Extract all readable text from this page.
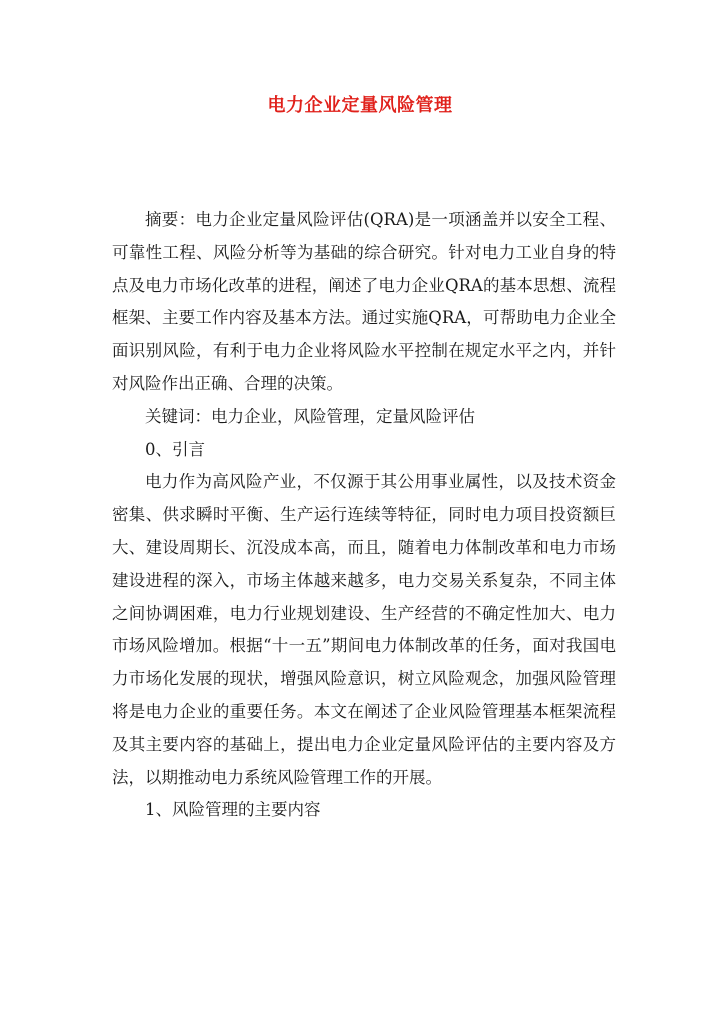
电力企业定量风险管理

摘要：电力企业定量风险评估(QRA)是一项涵盖并以安全工程、可靠性工程、风险分析等为基础的综合研究。针对电力工业自身的特点及电力市场化改革的进程，阐述了电力企业QRA的基本思想、流程框架、主要工作内容及基本方法。通过实施QRA，可帮助电力企业全面识别风险，有利于电力企业将风险水平控制在规定水平之内，并针对风险作出正确、合理的决策。

关键词：电力企业，风险管理，定量风险评估

0、引言

电力作为高风险产业，不仅源于其公用事业属性，以及技术资金密集、供求瞬时平衡、生产运行连续等特征，同时电力项目投资额巨大、建设周期长、沉没成本高，而且，随着电力体制改革和电力市场建设进程的深入，市场主体越来越多，电力交易关系复杂，不同主体之间协调困难，电力行业规划建设、生产经营的不确定性加大、电力市场风险增加。根据“十一五”期间电力体制改革的任务，面对我国电力市场化发展的现状，增强风险意识，树立风险观念，加强风险管理将是电力企业的重要任务。本文在阐述了企业风险管理基本框架流程及其主要内容的基础上，提出电力企业定量风险评估的主要内容及方法，以期推动电力系统风险管理工作的开展。

1、风险管理的主要内容
